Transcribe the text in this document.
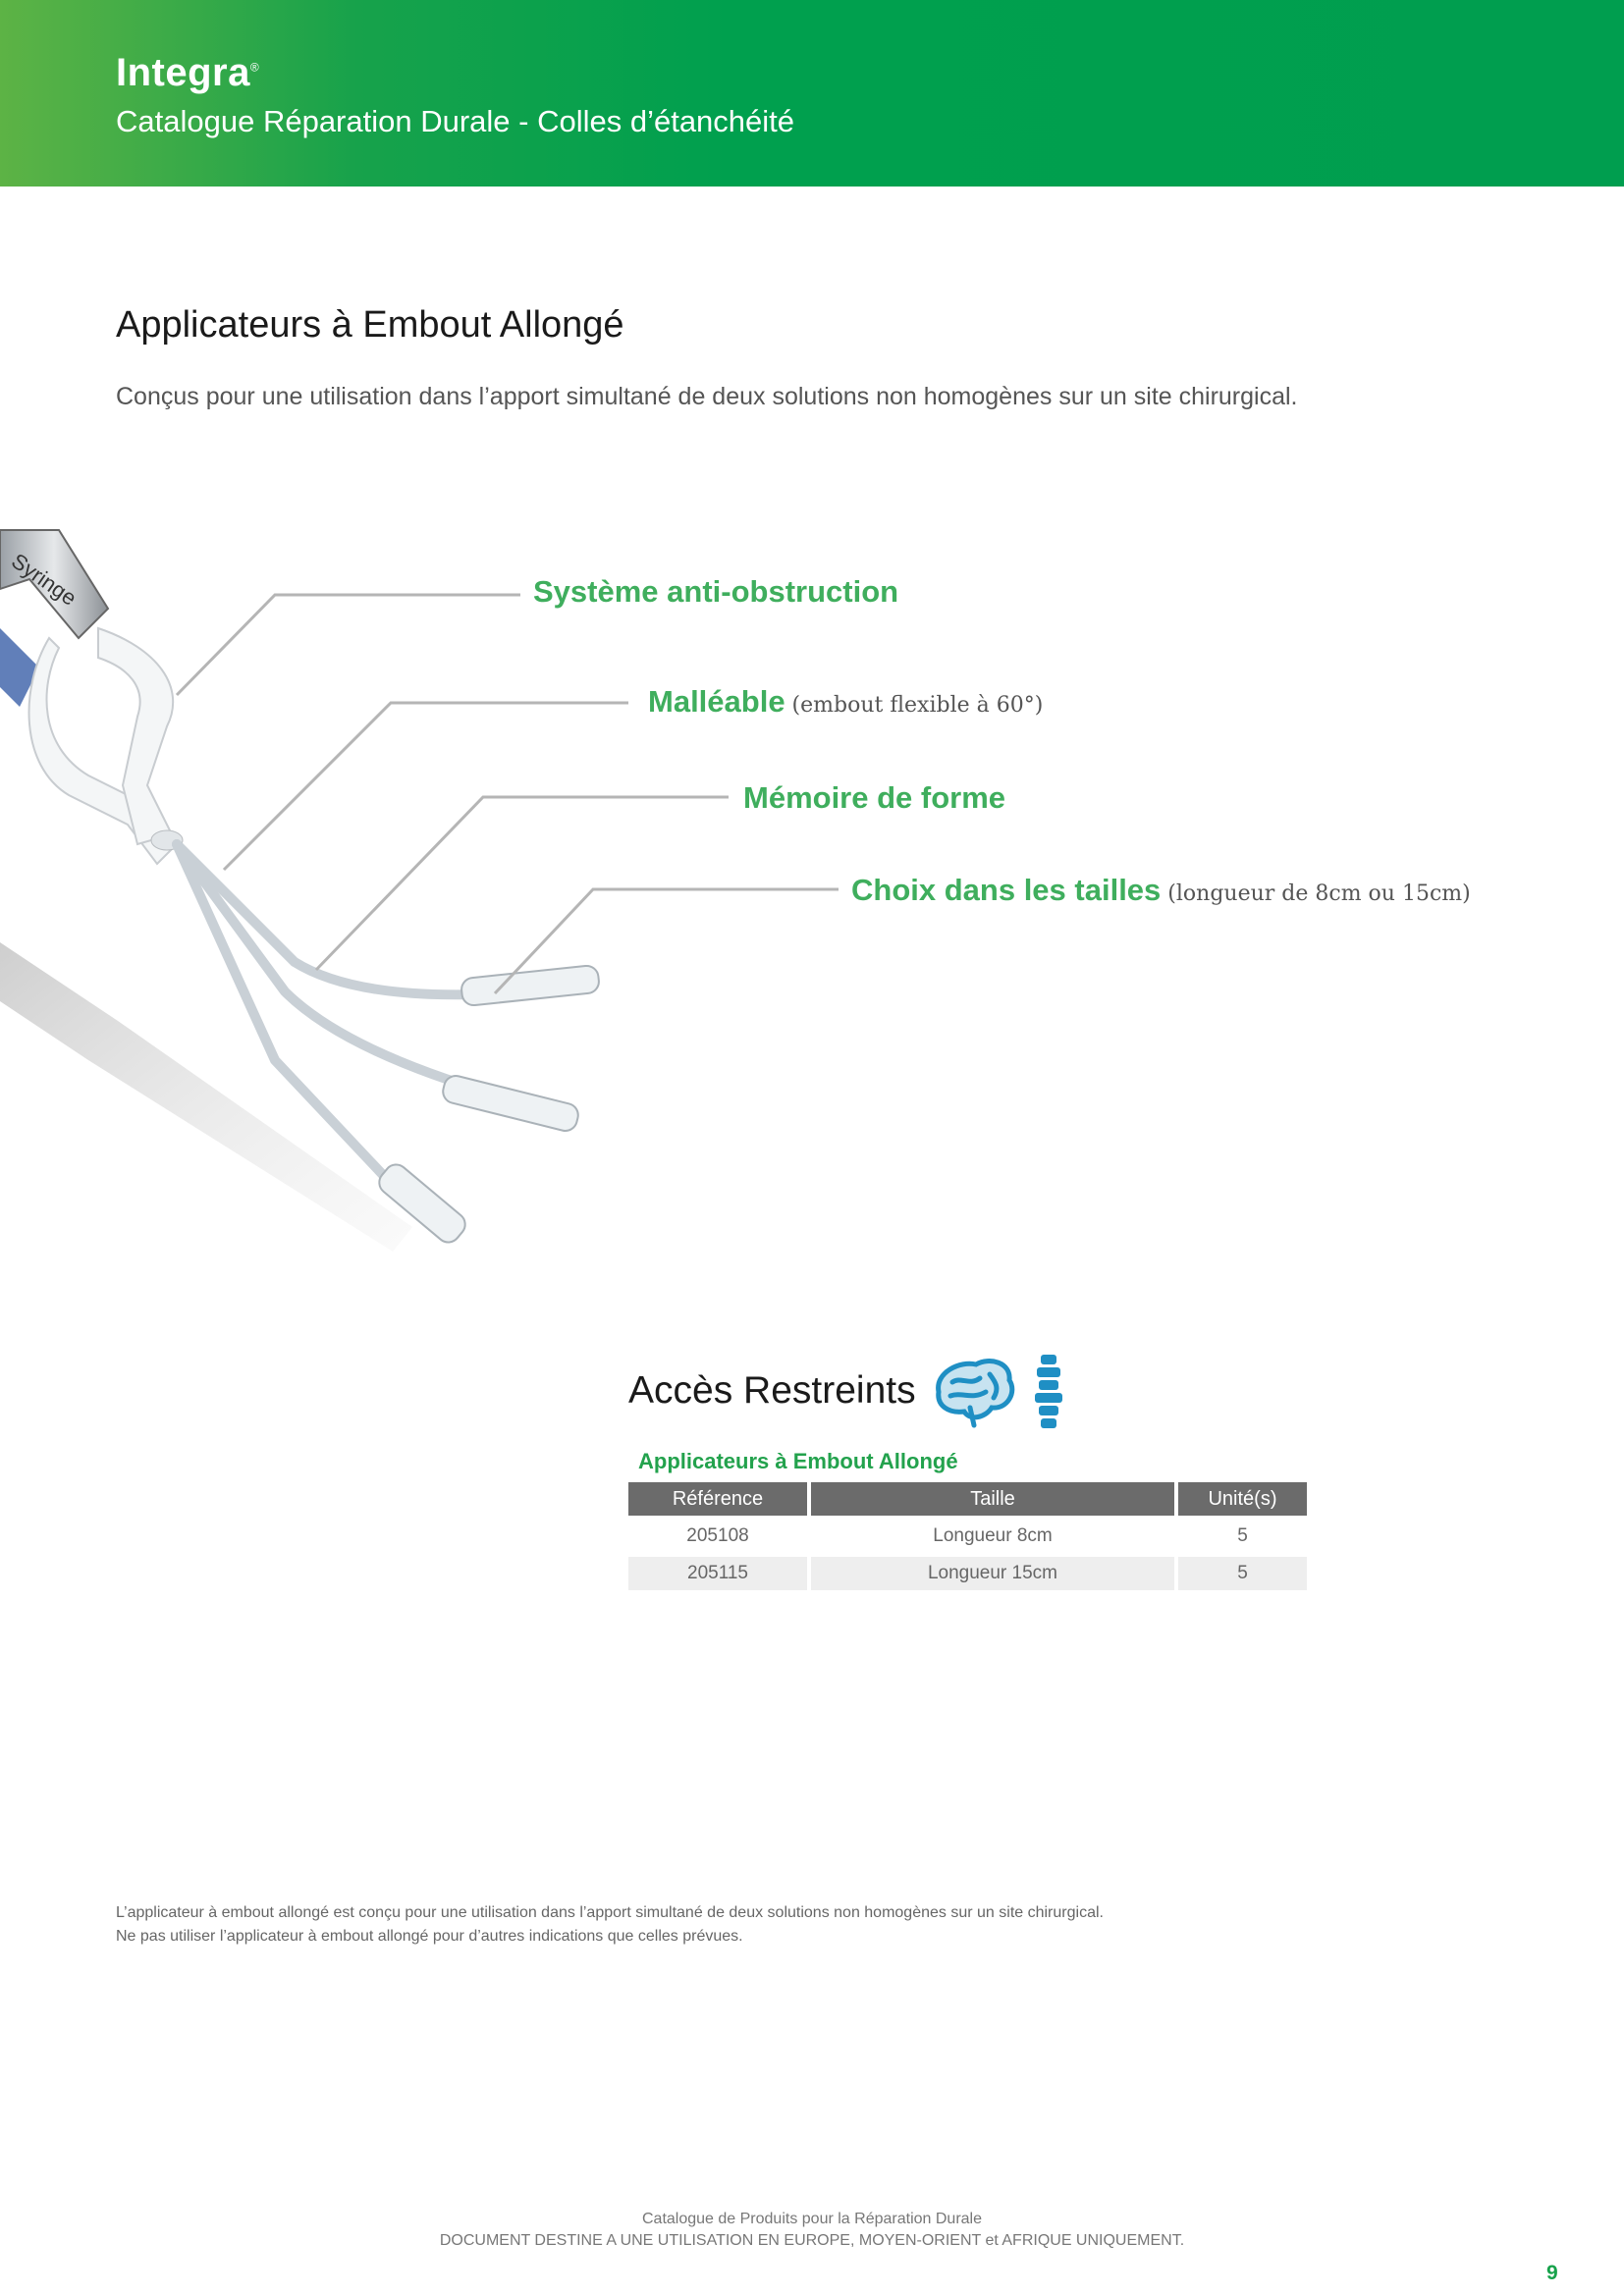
Integra®
Catalogue Réparation Durale - Colles d’étanchéité
Applicateurs à Embout Allongé
Conçus pour une utilisation dans l’apport simultané de deux solutions non homogènes sur un site chirurgical.
Syringe	Système anti-obstruction
Malléable (embout flexible à 60°)
Mémoire de forme
Choix dans les tailles (longueur de 8cm ou 15cm)
Accès Restreints
Applicateurs à Embout Allongé
Référence	Taille	Unité(s)
205108	Longueur 8cm	5
205115	Longueur 15cm	5
L’applicateur à embout allongé est conçu pour une utilisation dans l’apport simultané de deux solutions non homogènes sur un site chirurgical.
Ne pas utiliser l’applicateur à embout allongé pour d’autres indications que celles prévues.
Catalogue de Produits pour la Réparation Durale
DOCUMENT DESTINE A UNE UTILISATION EN EUROPE, MOYEN-ORIENT et AFRIQUE UNIQUEMENT.
9
